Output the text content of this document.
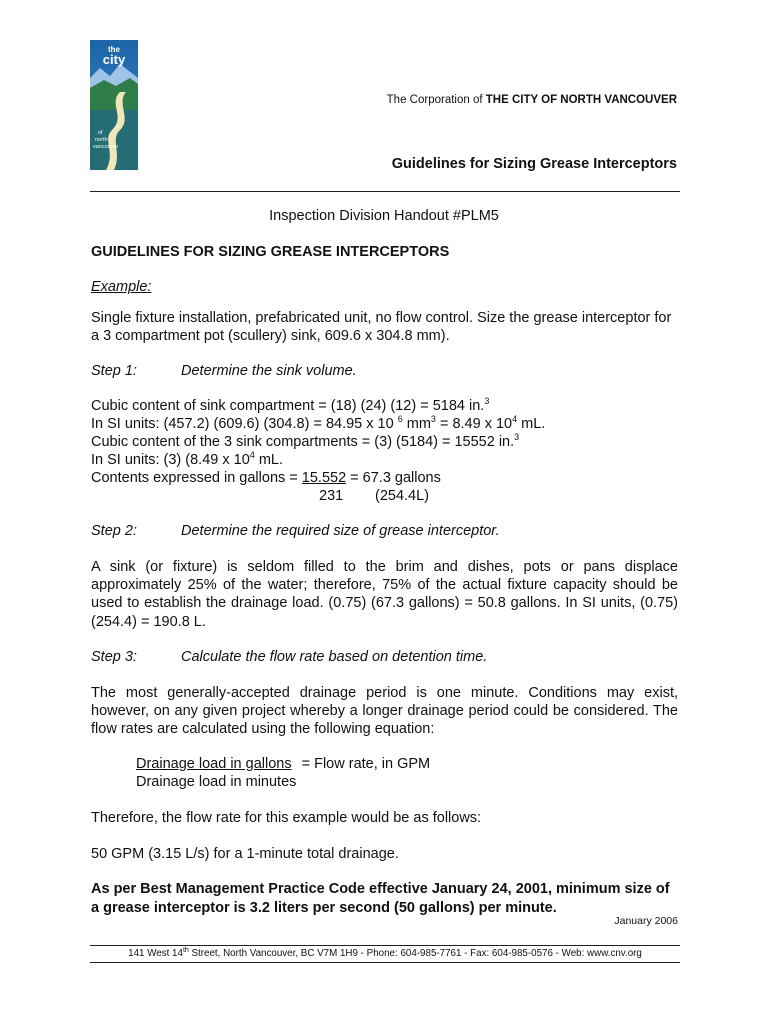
the
city
of
north
vancouver
The Corporation of THE CITY OF NORTH VANCOUVER
Guidelines for Sizing Grease Interceptors
Inspection Division Handout #PLM5
GUIDELINES FOR SIZING GREASE INTERCEPTORS
Example:
Single fixture installation, prefabricated unit, no flow control. Size the grease interceptor for a 3 compartment pot (scullery) sink, 609.6 x 304.8 mm).
Step 1:	Determine the sink volume.
Cubic content of sink compartment = (18) (24) (12) = 5184 in.$^3$
In SI units: (457.2) (609.6) (304.8) = 84.95 x 10 $^6$ $mm^3 = 8.49$ x $10^4$ mL.
Cubic content of the 3 sink compartments = (3) (5184) = 15552 in.$^3$
In SI units: (3) (8.49 x $10^4$ mL.
Contents expressed in gallons = 15.552 = 67.3 gallons
231 (254.4L)
Step 2:	Determine the required size of grease interceptor.
A sink (or fixture) is seldom filled to the brim and dishes, pots or pans displace approximately 25% of the water; therefore, 75% of the actual fixture capacity should be used to establish the drainage load. (0.75) (67.3 gallons) = 50.8 gallons. In SI units, (0.75) (254.4) = 190.8 L.
Step 3:	Calculate the flow rate based on detention time.
The most generally-accepted drainage period is one minute. Conditions may exist, however, on any given project whereby a longer drainage period could be considered. The flow rates are calculated using the following equation:
Drainage load in gallons = Flow rate, in GPM
Drainage load in minutes
Therefore, the flow rate for this example would be as follows:
50 GPM (3.15 L/s) for a 1-minute total drainage.
As per Best Management Practice Code effective January 24, 2001, minimum size of a grease interceptor is 3.2 liters per second (50 gallons) per minute.
January 2006
141 West 14th Street, North Vancouver, BC V7M 1H9 - Phone: 604-985-7761 - Fax: 604-985-0576 - Web: www.cnv.org
